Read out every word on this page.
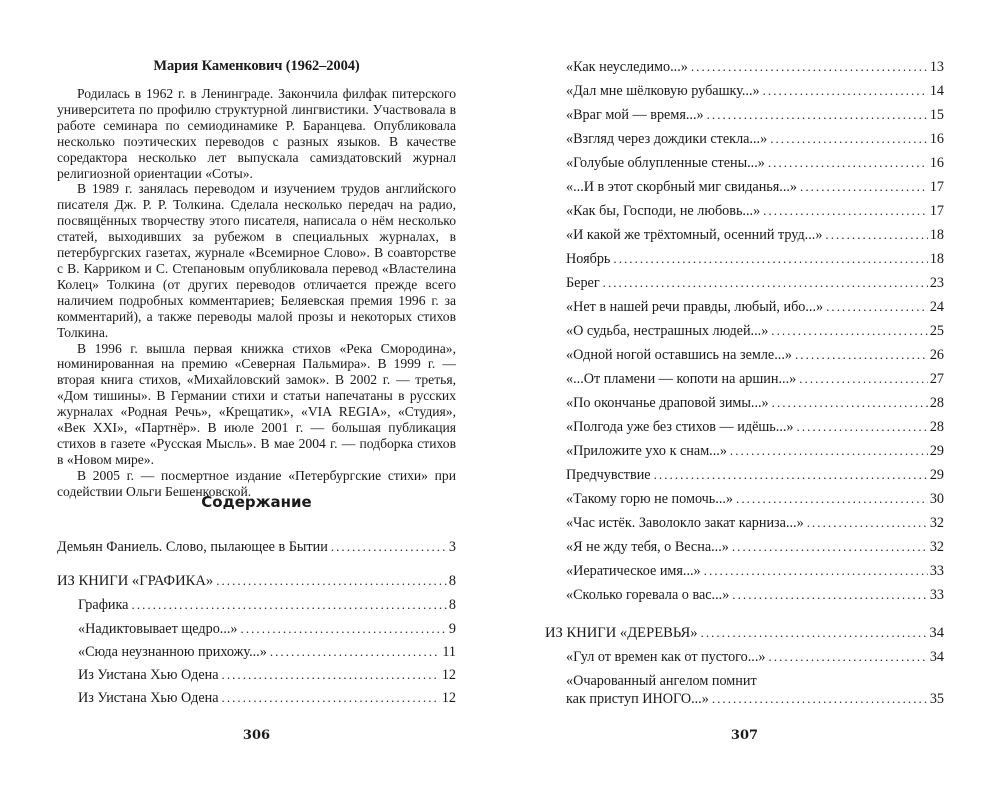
Мария Каменкович (1962–2004)

Родилась в 1962 г. в Ленинграде. Закончила филфак питерского университета по профилю структурной лингвистики. Участвовала в работе семинара по семиодинамике Р. Баранцева. Опубликовала несколько поэтических переводов с разных языков. В качестве соредактора несколько лет выпускала самиздатовский журнал религиозной ориентации «Соты».

В 1989 г. занялась переводом и изучением трудов английского писателя Дж. Р. Р. Толкина. Сделала несколько передач на радио, посвящённых творчеству этого писателя, написала о нём несколько статей, выходивших за рубежом в специальных журналах, в петербургских газетах, журнале «Всемирное Слово». В соавторстве с В. Карриком и С. Степановым опубликовала перевод «Властелина Колец» Толкина (от других переводов отличается прежде всего наличием подробных комментариев; Беляевская премия 1996 г. за комментарий), а также переводы малой прозы и некоторых стихов Толкина.

В 1996 г. вышла первая книжка стихов «Река Смородина», номинированная на премию «Северная Пальмира». В 1999 г. — вторая книга стихов, «Михайловский замок». В 2002 г. — третья, «Дом тишины». В Германии стихи и статьи напечатаны в русских журналах «Родная Речь», «Крещатик», «VIA REGIA», «Студия», «Век XXI», «Партнёр». В июле 2001 г. — большая публикация стихов в газете «Русская Мысль». В мае 2004 г. — подборка стихов в «Новом мире».

В 2005 г. — посмертное издание «Петербургские стихи» при содействии Ольги Бешенковской.

Содержание
Демьян Фаниель. Слово, пылающее в Бытии . . .	3
ИЗ КНИГИ «ГРАФИКА» . . .	8
Графика . . .	8
«Надиктовывает щедро...» . . .	9
«Сюда неузнанною прихожу...» . . .	11
Из Уистана Хью Одена . . .	12
Из Уистана Хью Одена . . .	12
306
«Как неуследимо...» . . .	13
«Дал мне шёлковую рубашку...» . . .	14
«Враг мой — время...» . . .	15
«Взгляд через дождики стекла...» . . .	16
«Голубые облупленные стены...» . . .	16
«...И в этот скорбный миг свиданья...» . . .	17
«Как бы, Господи, не любовь...» . . .	17
«И какой же трёхтомный, осенний труд...» . . .	18
Ноябрь . . .	18
Берег . . .	23
«Нет в нашей речи правды, любый, ибо...» . . .	24
«О судьба, нестрашных людей...» . . .	25
«Одной ногой оставшись на земле...» . . .	26
«...От пламени — копоти на аршин...» . . .	27
«По окончанье драповой зимы...» . . .	28
«Полгода уже без стихов — идёшь...» . . .	28
«Приложите ухо к снам...» . . .	29
Предчувствие . . .	29
«Такому горю не помочь...» . . .	30
«Час истёк. Заволокло закат карниза...» . . .	32
«Я не жду тебя, о Весна...» . . .	32
«Иератическое имя...» . . .	33
«Сколько горевала о вас...» . . .	33
ИЗ КНИГИ «ДЕРЕВЬЯ» . . .	34
«Гул от времен как от пустого...» . . .	34
«Очарованный ангелом помнит
как приступ ИНОГО...» . . .	35
307
